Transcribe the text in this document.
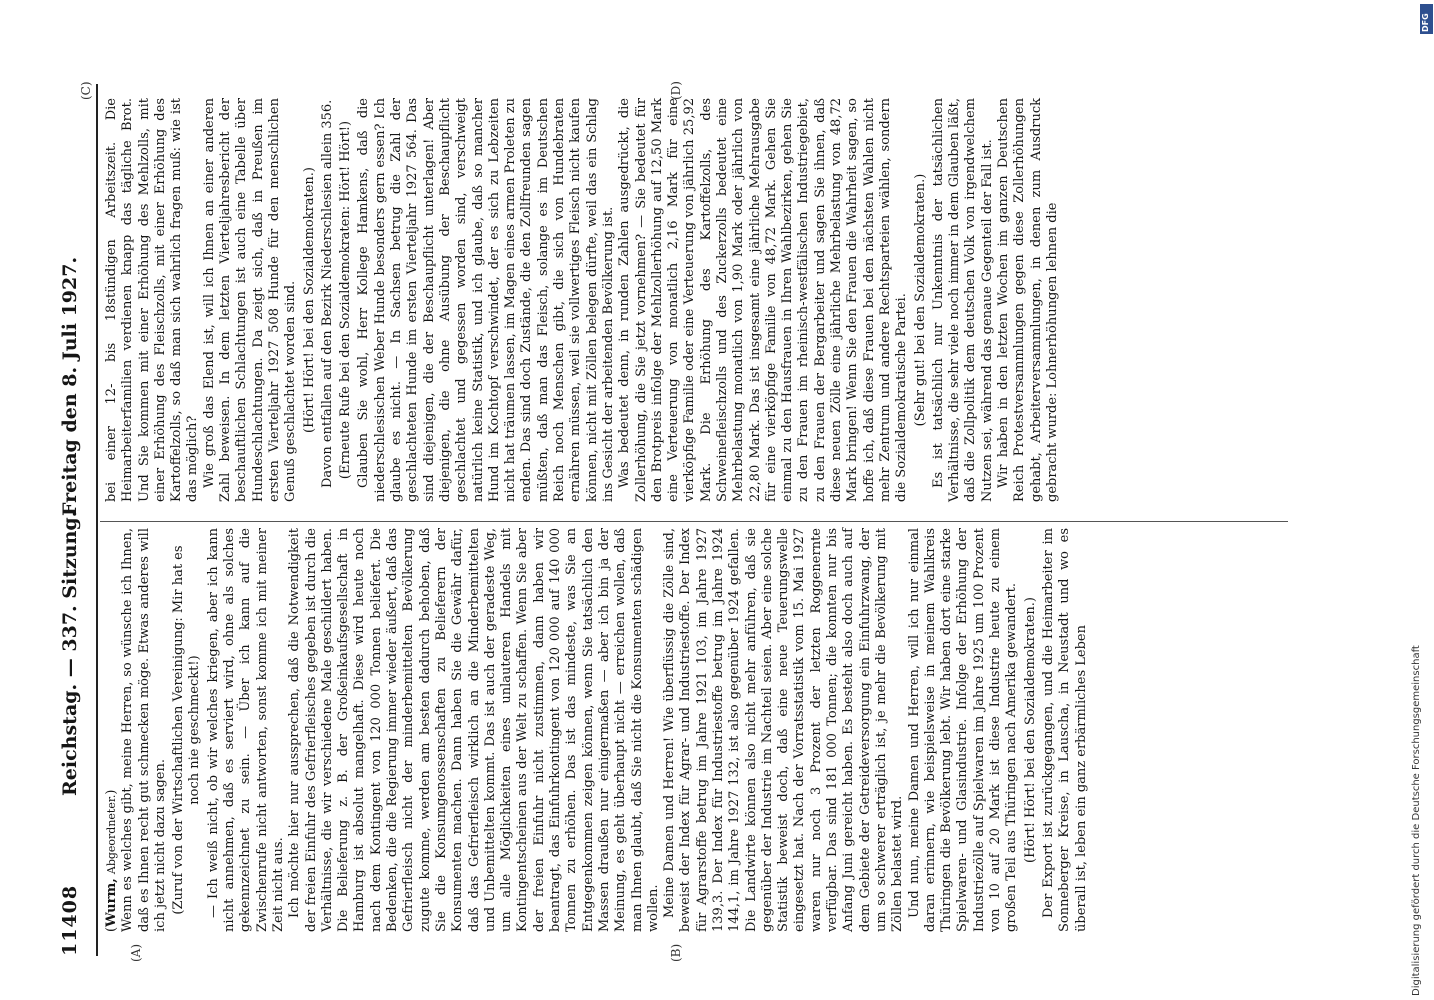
11408
Reichstag. — 337. Sitzung.
Freitag den 8. Juli 1927.
(A)	(B)
(C)	(D)

(Wurm, Abgeordneter.) Wenn es welches gibt, meine Herren, so wünsche ich Ihnen, daß es Ihnen recht gut schmecken möge. Etwas anderes will ich jetzt nicht dazu sagen. (Zuruf von der Wirtschaftlichen Vereinigung: Mir hat es noch nie geschmeckt!) — Ich weiß nicht, ob wir welches kriegen, aber ich kann nicht annehmen, daß es serviert wird, ohne als solches gekennzeichnet zu sein. — Über ich kann auf die Zwischenrufe nicht antworten, sonst komme ich mit meiner Zeit nicht aus. Ich möchte hier nur aussprechen, daß die Notwendigkeit der freien Einfuhr des Gefrierfleisches gegeben ist durch die Verhältnisse, die wir verschiedene Male geschildert haben. Die Belieferung z. B. der Großeinkaufsgesellschaft in Hamburg ist absolut mangelhaft. Diese wird heute noch nach dem Kontingent von 120 000 Tonnen beliefert. Die Bedenken, die die Regierung immer wieder äußert, daß das Gefrierfleisch nicht der minderbemittelten Bevölkerung zugute komme, werden am besten dadurch behoben, daß Sie die Konsumgenossenschaften zu Belieferern der Konsumenten machen. Dann haben Sie die Gewähr dafür, daß das Gefrierfleisch wirklich an die Minderbemittelten und Unbemittelten kommt. Das ist auch der geradeste Weg, um alle Möglichkeiten eines unlauteren Handels mit Kontingentscheinen aus der Welt zu schaffen. Wenn Sie aber der freien Einfuhr nicht zustimmen, dann haben wir beantragt, das Einfuhrkontingent von 120 000 auf 140 000 Tonnen zu erhöhen. Das ist das mindeste, was Sie an Entgegenkommen zeigen können, wenn Sie tatsächlich den Massen draußen nur einigermaßen — aber ich bin ja der Meinung, es geht überhaupt nicht — erreichen wollen, daß man Ihnen glaubt, daß Sie nicht die Konsumenten schädigen wollen. Meine Damen und Herren! Wie überflüssig die Zölle sind, beweist der Index für Agrar- und Industriestoffe. Der Index für Agrarstoffe betrug im Jahre 1921 103, im Jahre 1927 139,3. Der Index für Industriestoffe betrug im Jahre 1924 144,1, im Jahre 1927 132, ist also gegenüber 1924 gefallen. Die Landwirte können also nicht mehr anführen, daß sie gegenüber der Industrie im Nachteil seien. Aber eine solche Statistik beweist doch, daß eine neue Teuerungswelle eingesetzt hat. Nach der Vorratsstatistik vom 15. Mai 1927 waren nur noch 3 Prozent der letzten Roggenernte verfügbar. Das sind 181 000 Tonnen; die konnten nur bis Anfang Juni gereicht haben. Es besteht also doch auch auf dem Gebiete der Getreideversorgung ein Einfuhrzwang, der um so schwerer erträglich ist, je mehr die Bevölkerung mit Zöllen belastet wird. Und nun, meine Damen und Herren, will ich nur einmal daran erinnern, wie beispielsweise in meinem Wahlkreis Thüringen die Bevölkerung lebt. Wir haben dort eine starke Spielwaren- und Glasindustrie. Infolge der Erhöhung der Industriezölle auf Spielwaren im Jahre 1925 um 100 Prozent von 10 auf 20 Mark ist diese Industrie heute zu einem großen Teil aus Thüringen nach Amerika gewandert. (Hört! Hört! bei den Sozialdemokraten.) Der Export ist zurückgegangen, und die Heimarbeiter im Sonneberger Kreise, in Lauscha, in Neustadt und wo es überall ist, leben ein ganz erbärmliches Leben

bei einer 12- bis 18stündigen Arbeitszeit. Die Heimarbeiterfamilien verdienen knapp das tägliche Brot. Und Sie kommen mit einer Erhöhung des Mehlzolls, mit einer Erhöhung des Fleischzolls, mit einer Erhöhung des Kartoffelzolls, so daß man sich wahrlich fragen muß: wie ist das möglich? Wie groß das Elend ist, will ich Ihnen an einer anderen Zahl beweisen. In dem letzten Vierteljahresbericht der beschauftlichen Schlachtungen ist auch eine Tabelle über Hundeschlachtungen. Da zeigt sich, daß in Preußen im ersten Vierteljahr 1927 508 Hunde für den menschlichen Genuß geschlachtet worden sind. (Hört! Hört! bei den Sozialdemokraten.) Davon entfallen auf den Bezirk Niederschlesien allein 356. (Erneute Rufe bei den Sozialdemokraten: Hört! Hört!) Glauben Sie wohl, Herr Kollege Hamkens, daß die niederschlesischen Weber Hunde besonders gern essen? Ich glaube es nicht. — In Sachsen betrug die Zahl der geschlachteten Hunde im ersten Vierteljahr 1927 564. Das sind diejenigen, die der Beschaupflicht unterlagen! Aber diejenigen, die ohne Ausübung der Beschaupflicht geschlachtet und gegessen worden sind, verschweigt natürlich keine Statistik, und ich glaube, daß so mancher Hund im Kochtopf verschwindet, der es sich zu Lebzeiten nicht hat träumen lassen, im Magen eines armen Proleten zu enden. Das sind doch Zustände, die den Zollfreunden sagen müßten, daß man das Fleisch, solange es im Deutschen Reich noch Menschen gibt, die sich von Hundebraten ernähren müssen, weil sie vollwertiges Fleisch nicht kaufen können, nicht mit Zöllen belegen dürfte, weil das ein Schlag ins Gesicht der arbeitenden Bevölkerung ist. Was bedeutet denn, in runden Zahlen ausgedrückt, die Zollerhöhung, die Sie jetzt vornehmen? — Sie bedeutet für den Brotpreis infolge der Mehlzollerhöhung auf 12,50 Mark eine Verteuerung von monatlich 2,16 Mark für eine vierköpfige Familie oder eine Verteuerung von jährlich 25,92 Mark. Die Erhöhung des Kartoffelzolls, des Schweinefleischzolls und des Zuckerzolls bedeutet eine Mehrbelastung monatlich von 1,90 Mark oder jährlich von 22,80 Mark. Das ist insgesamt eine jährliche Mehrausgabe für eine vierköpfige Familie von 48,72 Mark. Gehen Sie einmal zu den Hausfrauen in Ihren Wahlbezirken, gehen Sie zu den Frauen im rheinisch-westfälischen Industriegebiet, zu den Frauen der Bergarbeiter und sagen Sie ihnen, daß diese neuen Zölle eine jährliche Mehrbelastung von 48,72 Mark bringen! Wenn Sie den Frauen die Wahrheit sagen, so hoffe ich, daß diese Frauen bei den nächsten Wahlen nicht mehr Zentrum und andere Rechtsparteien wählen, sondern die Sozialdemokratische Partei. (Sehr gut! bei den Sozialdemokraten.) Es ist tatsächlich nur Unkenntnis der tatsächlichen Verhältnisse, die sehr viele noch immer in dem Glauben läßt, daß die Zollpolitik dem deutschen Volk von irgendwelchem Nutzen sei, während das genaue Gegenteil der Fall ist. Wir haben in den letzten Wochen im ganzen Deutschen Reich Protestversammlungen gegen diese Zollerhöhungen gehabt, Arbeiterversammlungen, in denen zum Ausdruck gebracht wurde: Lohnerhöhungen lehnen die

Digitalisierung gefördert durch die Deutsche Forschungsgemeinschaft
DFG
